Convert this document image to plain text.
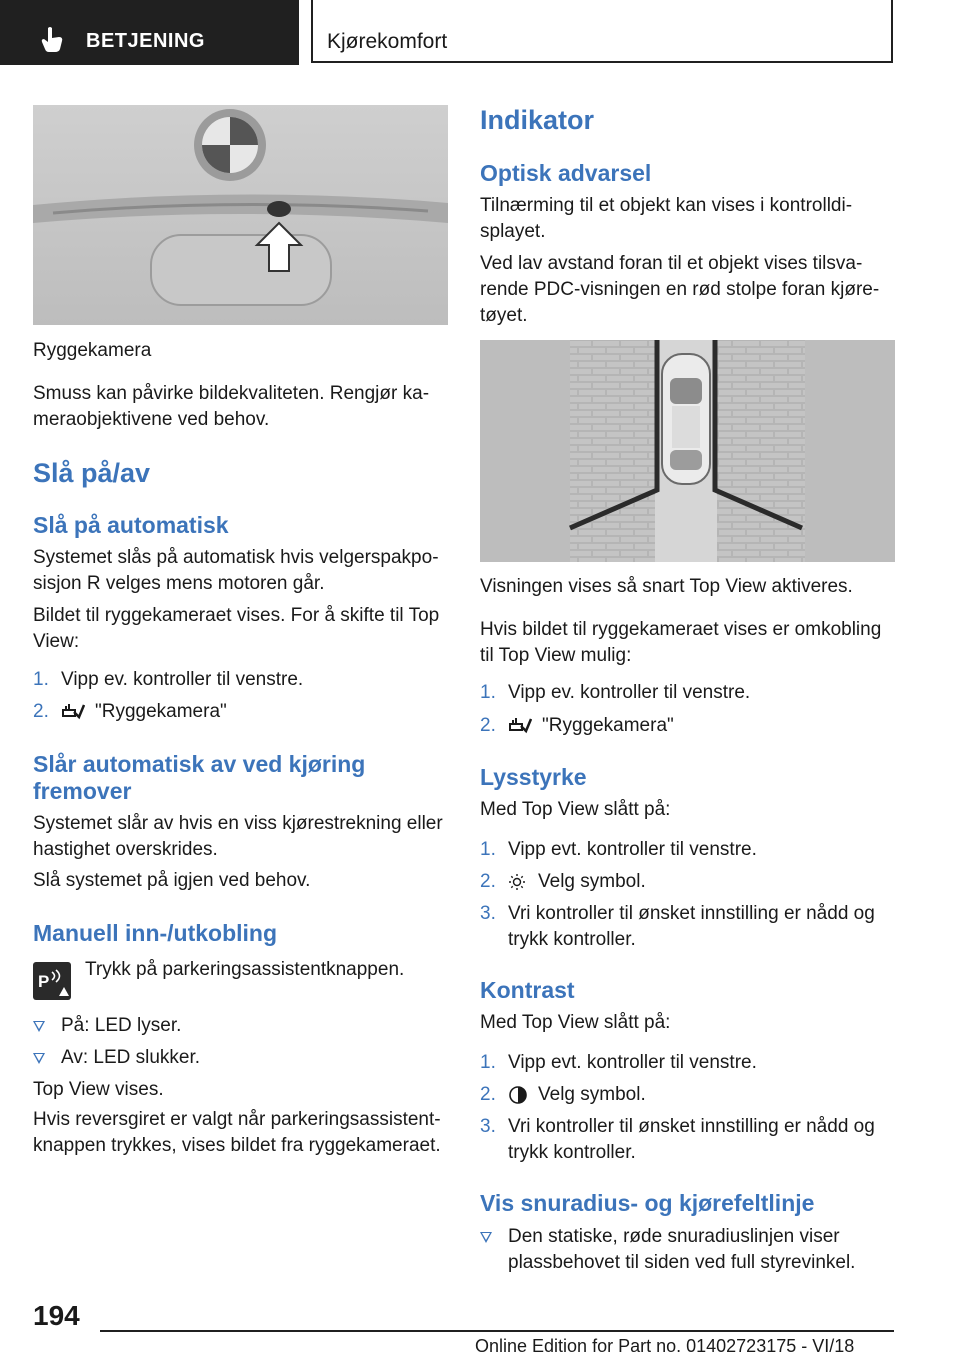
BETJENING	Kjørekomfort

Ryggekamera

Smuss kan påvirke bildekvaliteten. Rengjør kameraobjektivene ved behov.

Slå på/av
Slå på automatisk

Systemet slås på automatisk hvis velgerspakposisjon R velges mens motoren går.

Bildet til ryggekameraet vises. For å skifte til Top View:

1. Vipp ev. kontroller til venstre.
2. "Ryggekamera"
Slår automatisk av ved kjøring fremover

Systemet slår av hvis en viss kjørestrekning eller hastighet overskrides.

Slå systemet på igjen ved behov.

Manuell inn-/utkobling
P

Trykk på parkeringsassistentknappen.

På: LED lyser.
Av: LED slukker.

Top View vises.

Hvis reversgiret er valgt når parkeringsassistentknappen trykkes, vises bildet fra ryggekameraet.

Indikator
Optisk advarsel

Tilnærming til et objekt kan vises i kontrolldisplayet.

Ved lav avstand foran til et objekt vises tilsvarende PDC-visningen en rød stolpe foran kjøretøyet.

Visningen vises så snart Top View aktiveres.

Hvis bildet til ryggekameraet vises er omkobling til Top View mulig:

1. Vipp ev. kontroller til venstre.
2. "Ryggekamera"
Lysstyrke

Med Top View slått på:

1. Vipp evt. kontroller til venstre.
2. Velg symbol.
3. Vri kontroller til ønsket innstilling er nådd og trykk kontroller.
Kontrast

Med Top View slått på:

1. Vipp evt. kontroller til venstre.
2. Velg symbol.
3. Vri kontroller til ønsket innstilling er nådd og trykk kontroller.
Vis snuradius- og kjørefeltlinje
Den statiske, røde snuradiuslinjen viser plassbehovet til siden ved full styrevinkel.
194
Online Edition for Part no. 01402723175 - VI/18
